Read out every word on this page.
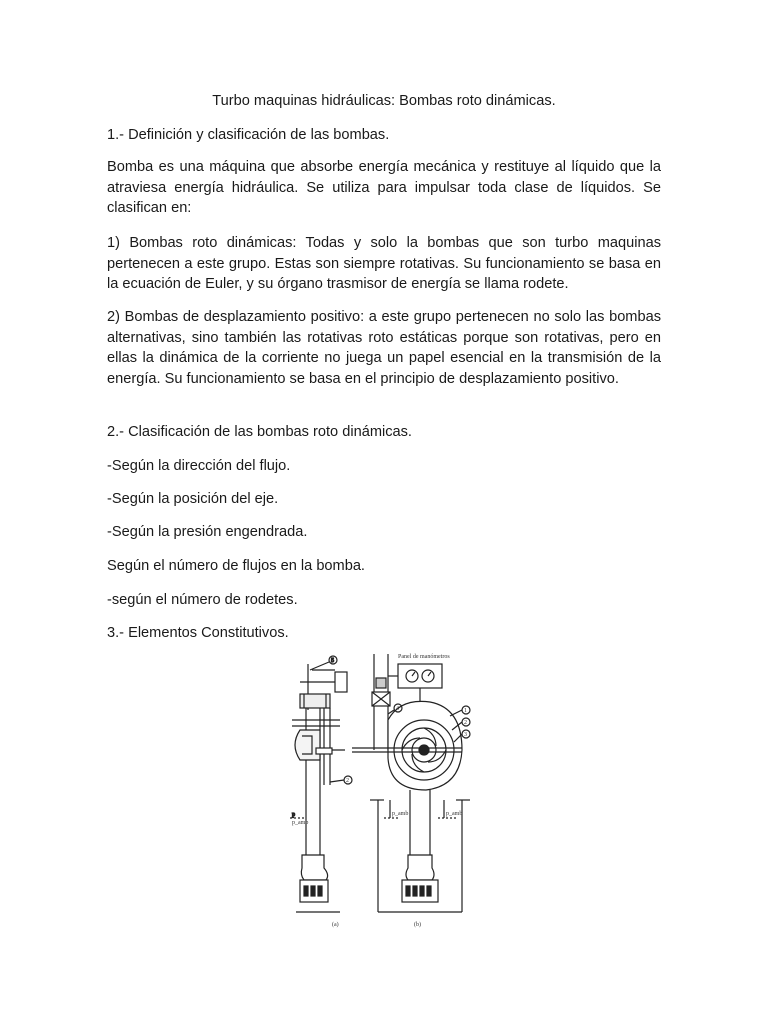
Turbo maquinas hidráulicas: Bombas roto dinámicas.

1.- Definición y clasificación de las bombas.

Bomba es una máquina que absorbe energía mecánica y restituye al líquido que la atraviesa energía hidráulica. Se utiliza para impulsar toda clase de líquidos. Se clasifican en:

1) Bombas roto dinámicas: Todas y solo la bombas que son turbo maquinas pertenecen a este grupo. Estas son siempre rotativas. Su funcionamiento se basa en la ecuación de Euler, y su órgano trasmisor de energía se llama rodete.

2) Bombas de desplazamiento positivo: a este grupo pertenecen no solo las bombas alternativas, sino también las rotativas roto estáticas porque son rotativas, pero en ellas la dinámica de la corriente no juega un papel esencial en la transmisión de la energía. Su funcionamiento se basa en el principio de desplazamiento positivo.

2.- Clasificación de las bombas roto dinámicas.

-Según la dirección del flujo.

-Según la posición del eje.

-Según la presión engendrada.

Según el número de flujos en la bomba.

-según el número de rodetes.

3.- Elementos Constitutivos.

p
5
Panel de manómetros
4	1
2
3
2
p_amb
p_amb	p_amb
(a)	(b)
